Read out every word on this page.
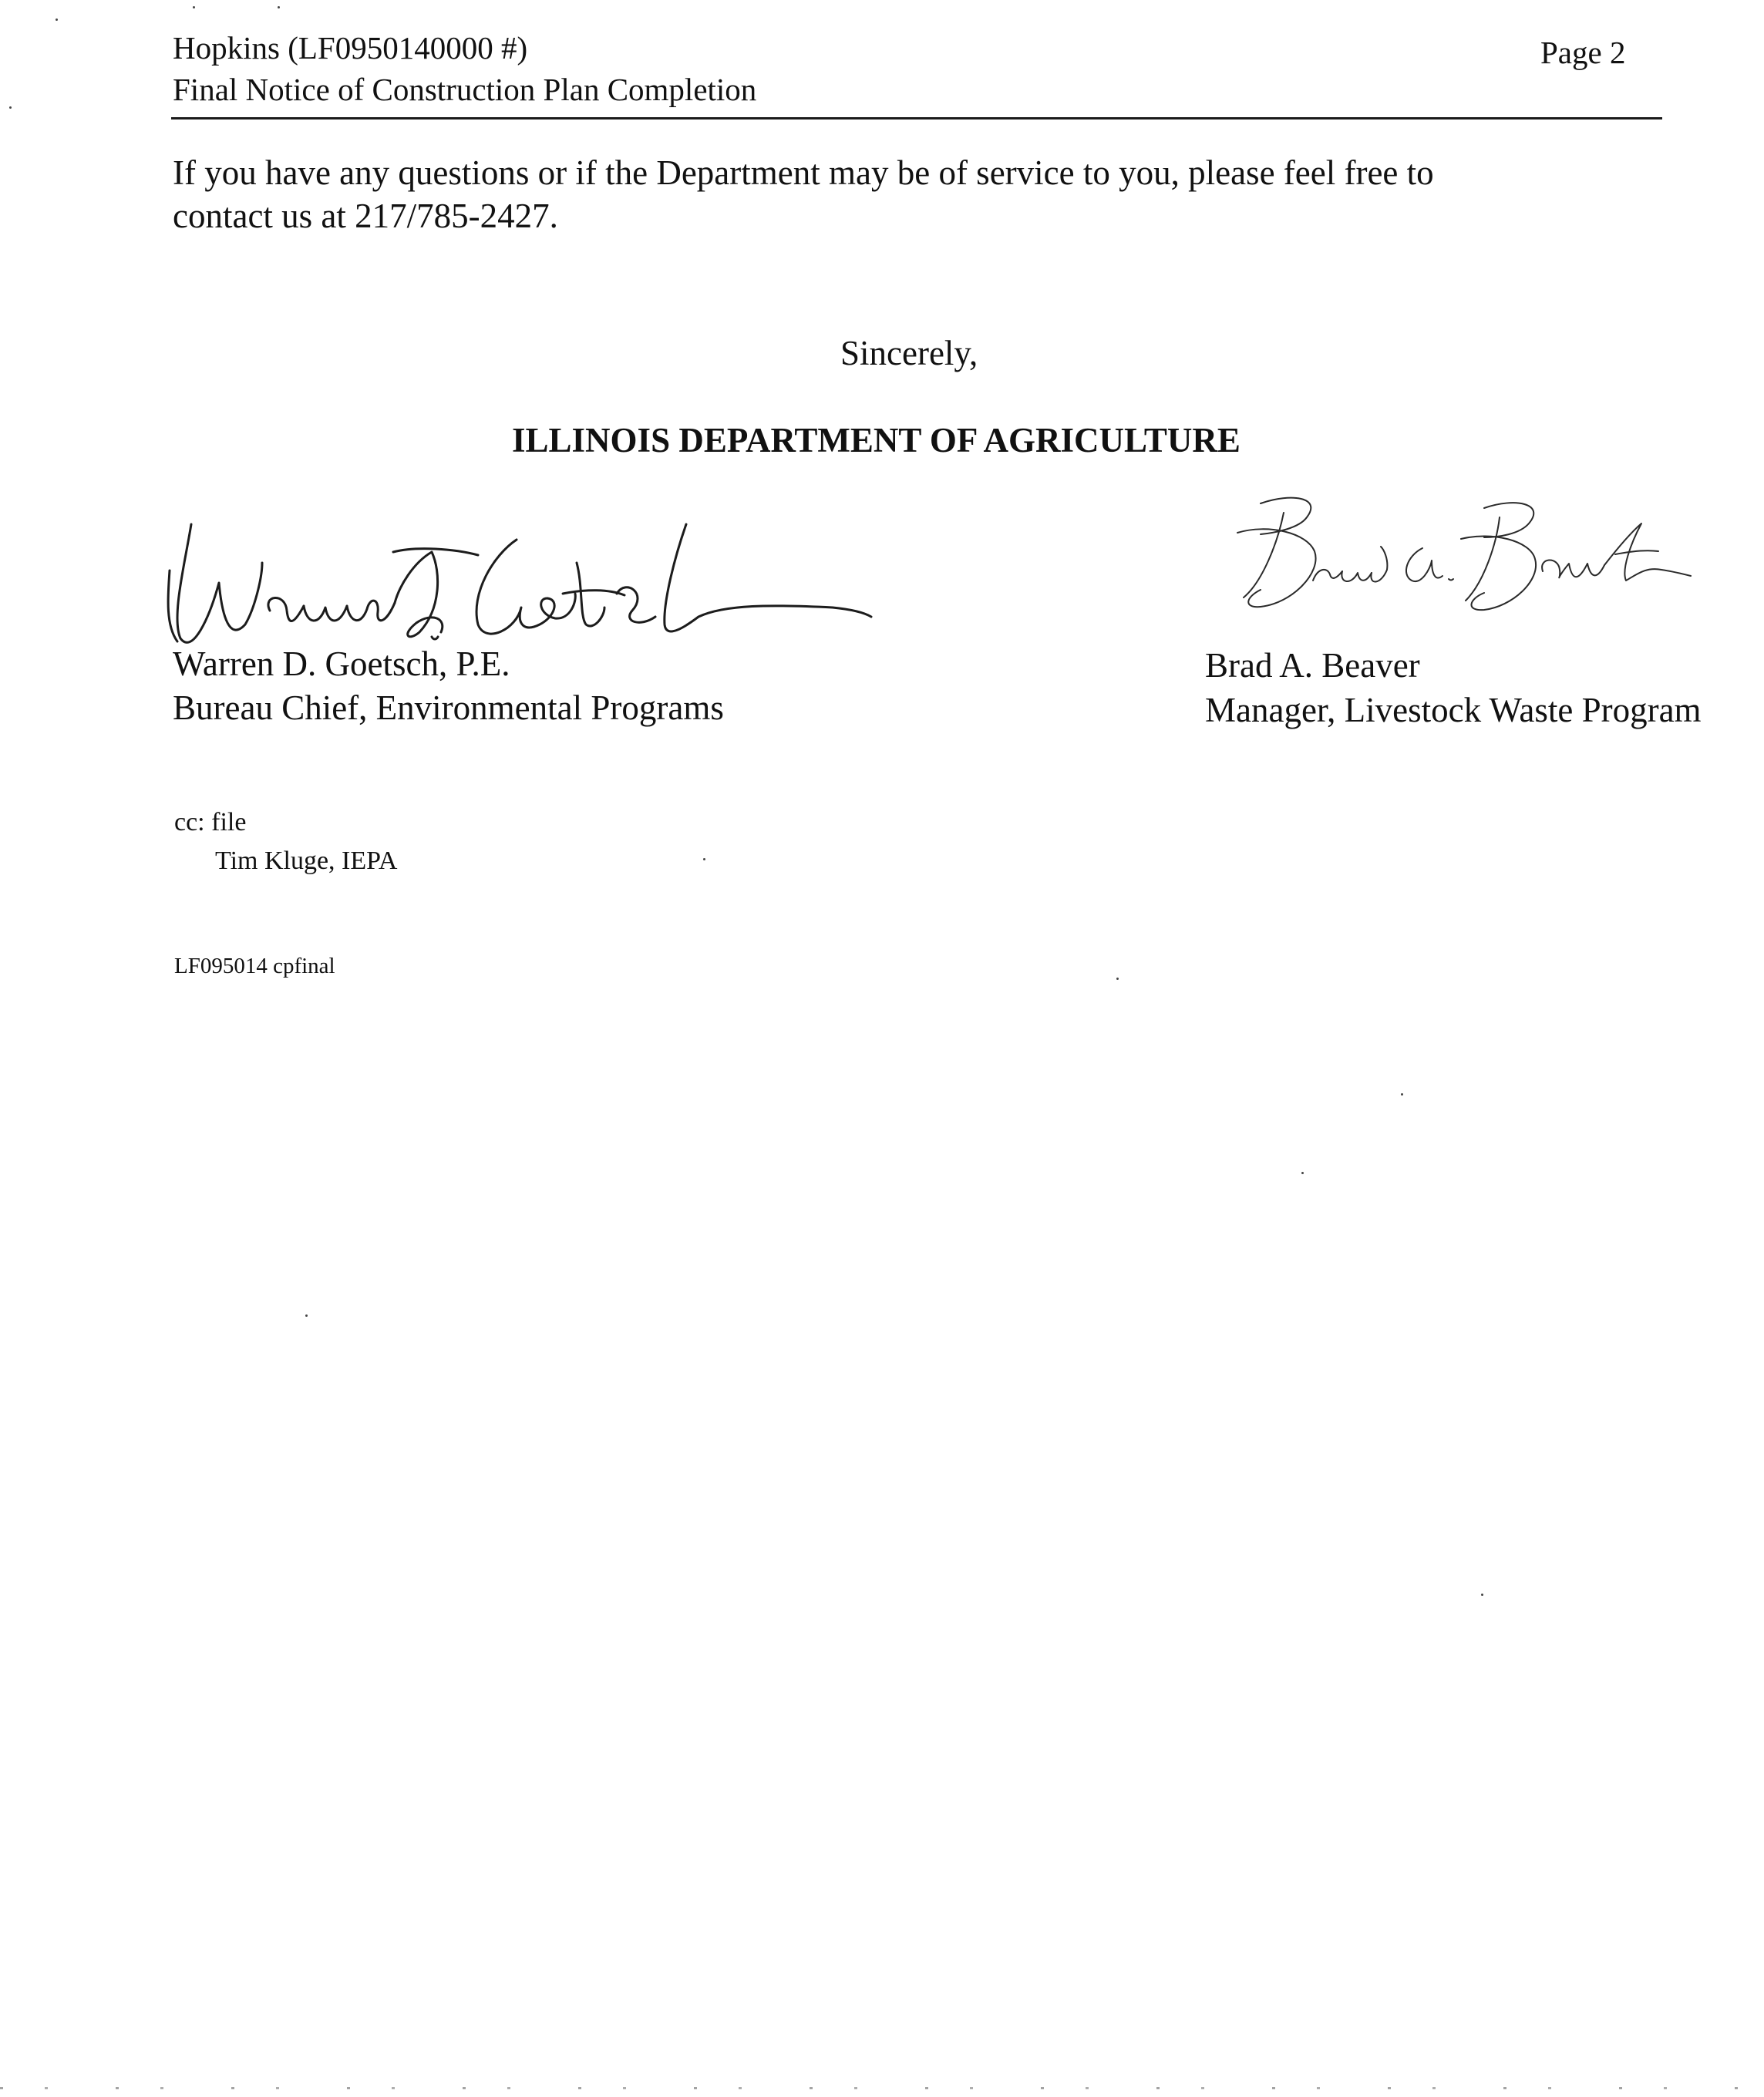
Hopkins (LF0950140000 #)
Final Notice of Construction Plan Completion
Page 2
If you have any questions or if the Department may be of service to you, please feel free to
contact us at 217/785-2427.
Sincerely,
ILLINOIS DEPARTMENT OF AGRICULTURE
Warren D. Goetsch, P.E.
Bureau Chief, Environmental Programs
Brad A. Beaver
Manager, Livestock Waste Program
cc: file
Tim Kluge, IEPA
LF095014 cpfinal
